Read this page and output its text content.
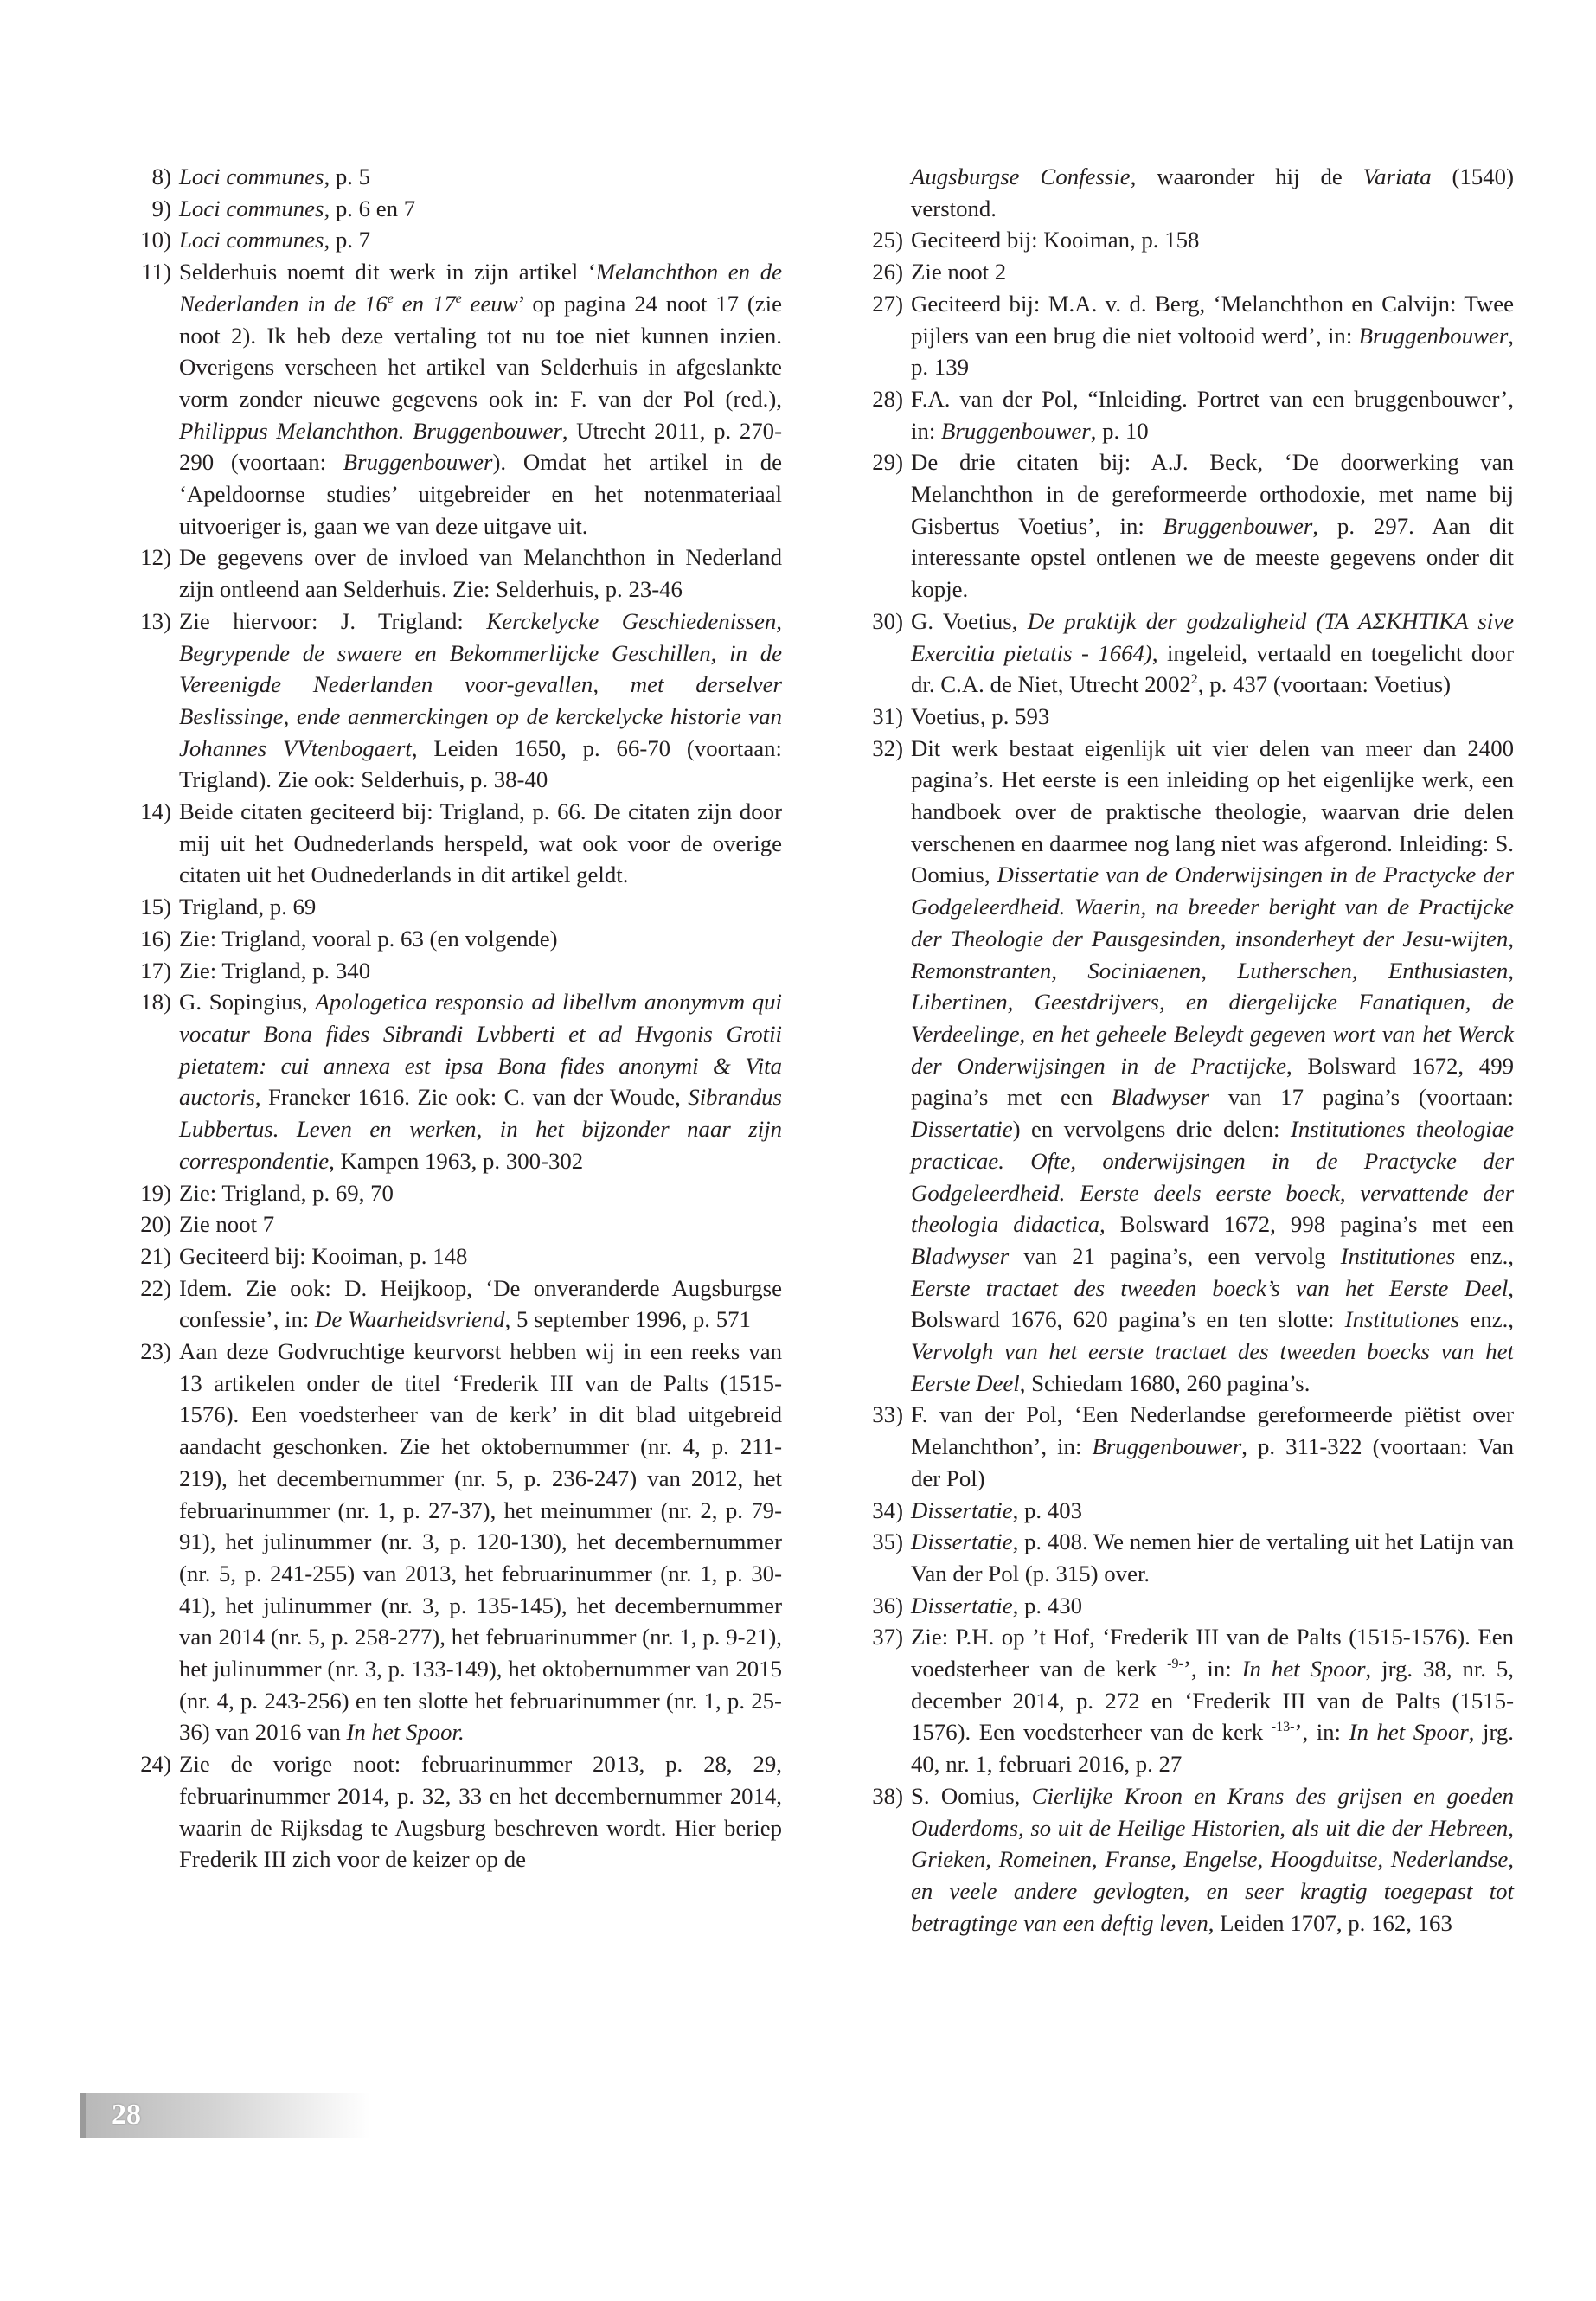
8) Loci communes, p. 5
9) Loci communes, p. 6 en 7
10) Loci communes, p. 7
11) Selderhuis noemt dit werk in zijn artikel ‘Melanchthon en de Nederlanden in de 16e en 17e eeuw’ op pagina 24 noot 17 (zie noot 2). Ik heb deze vertaling tot nu toe niet kunnen inzien. Overigens verscheen het artikel van Selderhuis in afgeslankte vorm zonder nieuwe gegevens ook in: F. van der Pol (red.), Philippus Melanchthon. Bruggenbouwer, Utrecht 2011, p. 270-290 (voortaan: Bruggenbouwer). Omdat het artikel in de ‘Apeldoornse studies’ uitgebreider en het notenmateriaal uitvoeriger is, gaan we van deze uitgave uit.
12) De gegevens over de invloed van Melanchthon in Nederland zijn ontleend aan Selderhuis. Zie: Selderhuis, p. 23-46
13) Zie hiervoor: J. Trigland: Kerckelycke Geschiedenissen, Begrypende de swaere en Bekommerlijcke Geschillen, in de Vereenigde Nederlanden voor-gevallen, met derselver Beslissinge, ende aenmerckingen op de kerckelycke historie van Johannes VVtenbogaert, Leiden 1650, p. 66-70 (voortaan: Trigland). Zie ook: Selderhuis, p. 38-40
14) Beide citaten geciteerd bij: Trigland, p. 66. De citaten zijn door mij uit het Oudnederlands herspeld, wat ook voor de overige citaten uit het Oudnederlands in dit artikel geldt.
15) Trigland, p. 69
16) Zie: Trigland, vooral p. 63 (en volgende)
17) Zie: Trigland, p. 340
18) G. Sopingius, Apologetica responsio ad libellvm anonymvm qui vocatur Bona fides Sibrandi Lvbberti et ad Hvgonis Grotii pietatem: cui annexa est ipsa Bona fides anonymi & Vita auctoris, Franeker 1616. Zie ook: C. van der Woude, Sibrandus Lubbertus. Leven en werken, in het bijzonder naar zijn correspondentie, Kampen 1963, p. 300-302
19) Zie: Trigland, p. 69, 70
20) Zie noot 7
21) Geciteerd bij: Kooiman, p. 148
22) Idem. Zie ook: D. Heijkoop, ‘De onveranderde Augsburgse confessie’, in: De Waarheidsvriend, 5 september 1996, p. 571
23) Aan deze Godvruchtige keurvorst hebben wij in een reeks van 13 artikelen onder de titel ‘Frederik III van de Palts (1515- 1576). Een voedsterheer van de kerk’ in dit blad uitgebreid aandacht geschonken. Zie het oktobernummer (nr. 4, p. 211-219), het decembernummer (nr. 5, p. 236-247) van 2012, het februarinummer (nr. 1, p. 27-37), het meinummer (nr. 2, p. 79-91), het julinummer (nr. 3, p. 120-130), het decembernummer (nr. 5, p. 241-255) van 2013, het februarinummer (nr. 1, p. 30-41), het julinummer (nr. 3, p. 135-145), het decembernummer van 2014 (nr. 5, p. 258-277), het februarinummer (nr. 1, p. 9-21), het julinummer (nr. 3, p. 133-149), het oktobernummer van 2015 (nr. 4, p. 243-256) en ten slotte het februarinummer (nr. 1, p. 25-36) van 2016 van In het Spoor.
24) Zie de vorige noot: februarinummer 2013, p. 28, 29, februarinummer 2014, p. 32, 33 en het decembernummer 2014, waarin de Rijksdag te Augsburg beschreven wordt. Hier beriep Frederik III zich voor de keizer op de
Augsburgse Confessie, waaronder hij de Variata (1540) verstond.
25) Geciteerd bij: Kooiman, p. 158
26) Zie noot 2
27) Geciteerd bij: M.A. v. d. Berg, ‘Melanchthon en Calvijn: Twee pijlers van een brug die niet voltooid werd’, in: Bruggenbouwer, p. 139
28) F.A. van der Pol, “Inleiding. Portret van een bruggenbouwer’, in: Bruggenbouwer, p. 10
29) De drie citaten bij: A.J. Beck, ‘De doorwerking van Melanchthon in de gereformeerde orthodoxie, met name bij Gisbertus Voetius’, in: Bruggenbouwer, p. 297. Aan dit interessante opstel ontlenen we de meeste gegevens onder dit kopje.
30) G. Voetius, De praktijk der godzaligheid (ΤΑ ΑΣΚΗΤΙΚΑ sive Exercitia pietatis - 1664), ingeleid, vertaald en toegelicht door dr. C.A. de Niet, Utrecht 2002$^2$, p. 437 (voortaan: Voetius)
31) Voetius, p. 593
32) Dit werk bestaat eigenlijk uit vier delen van meer dan 2400 pagina’s. Het eerste is een inleiding op het eigenlijke werk, een handboek over de praktische theologie, waarvan drie delen verschenen en daarmee nog lang niet was afgerond. Inleiding: S. Oomius, Dissertatie van de Onderwijsingen in de Practycke der Godgeleerdheid. Waerin, na breeder beright van de Practijcke der Theologie der Pausgesinden, insonderheyt der Jesu-wijten, Remonstranten, Sociniaenen, Lutherschen, Enthusiasten, Libertinen, Geestdrijvers, en diergelijcke Fanatiquen, de Verdeelinge, en het geheele Beleydt gegeven wort van het Werck der Onderwijsingen in de Practijcke, Bolsward 1672, 499 pagina’s met een Bladwyser van 17 pagina’s (voortaan: Dissertatie) en vervolgens drie delen: Institutiones theologiae practicae. Ofte, onderwijsingen in de Practycke der Godgeleerdheid. Eerste deels eerste boeck, vervattende der theologia didactica, Bolsward 1672, 998 pagina’s met een Bladwyser van 21 pagina’s, een vervolg Institutiones enz., Eerste tractaet des tweeden boeck’s van het Eerste Deel, Bolsward 1676, 620 pagina’s en ten slotte: Institutiones enz., Vervolgh van het eerste tractaet des tweeden boecks van het Eerste Deel, Schiedam 1680, 260 pagina’s.
33) F. van der Pol, ‘Een Nederlandse gereformeerde piëtist over Melanchthon’, in: Bruggenbouwer, p. 311-322 (voortaan: Van der Pol)
34) Dissertatie, p. 403
35) Dissertatie, p. 408. We nemen hier de vertaling uit het Latijn van Van der Pol (p. 315) over.
36) Dissertatie, p. 430
37) Zie: P.H. op ’t Hof, ‘Frederik III van de Palts (1515-1576). Een voedsterheer van de kerk $^{-9-}$’, in: In het Spoor, jrg. 38, nr. 5, december 2014, p. 272 en ‘Frederik III van de Palts (1515-1576). Een voedsterheer van de kerk $^{-13-}$’, in: In het Spoor, jrg. 40, nr. 1, februari 2016, p. 27
38) S. Oomius, Cierlijke Kroon en Krans des grijsen en goeden Ouderdoms, so uit de Heilige Historien, als uit die der Hebreen, Grieken, Romeinen, Franse, Engelse, Hoogduitse, Nederlandse, en veele andere gevlogten, en seer kragtig toegepast tot betragtinge van een deftig leven, Leiden 1707, p. 162, 163
28
